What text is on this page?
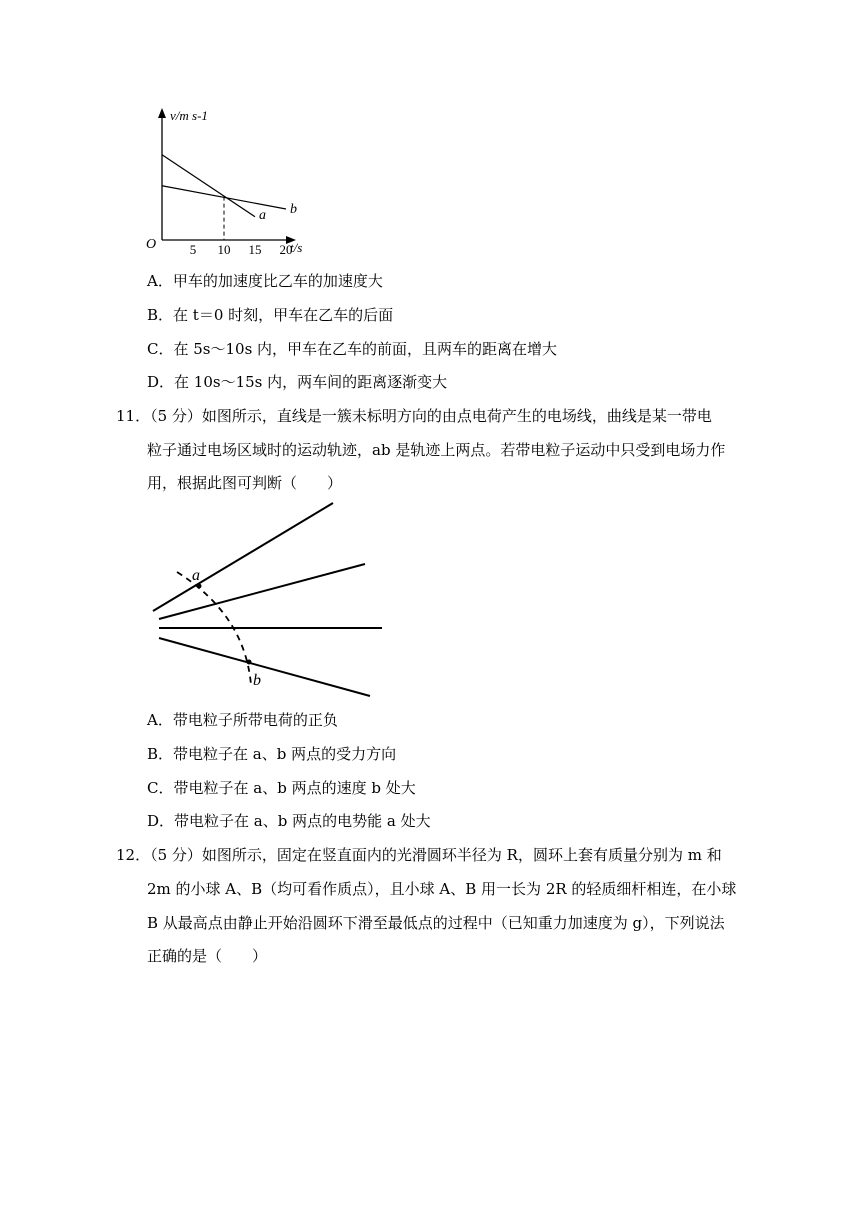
a b
v/m s-1
t/s
O	5 10 15 20
A．甲车的加速度比乙车的加速度大
B．在 t＝0 时刻，甲车在乙车的后面
C．在 5s～10s 内，甲车在乙车的前面，且两车的距离在增大
D．在 10s～15s 内，两车间的距离逐渐变大
11．（5 分）如图所示，直线是一簇未标明方向的由点电荷产生的电场线，曲线是某一带电
粒子通过电场区域时的运动轨迹，ab 是轨迹上两点。若带电粒子运动中只受到电场力作
用，根据此图可判断（　　）
a
b
A．带电粒子所带电荷的正负
B．带电粒子在 a、b 两点的受力方向
C．带电粒子在 a、b 两点的速度 b 处大
D．带电粒子在 a、b 两点的电势能 a 处大
12．（5 分）如图所示，固定在竖直面内的光滑圆环半径为 R，圆环上套有质量分别为 m 和
2m 的小球 A、B（均可看作质点），且小球 A、B 用一长为 2R 的轻质细杆相连，在小球
B 从最高点由静止开始沿圆环下滑至最低点的过程中（已知重力加速度为 g），下列说法
正确的是（　　）
